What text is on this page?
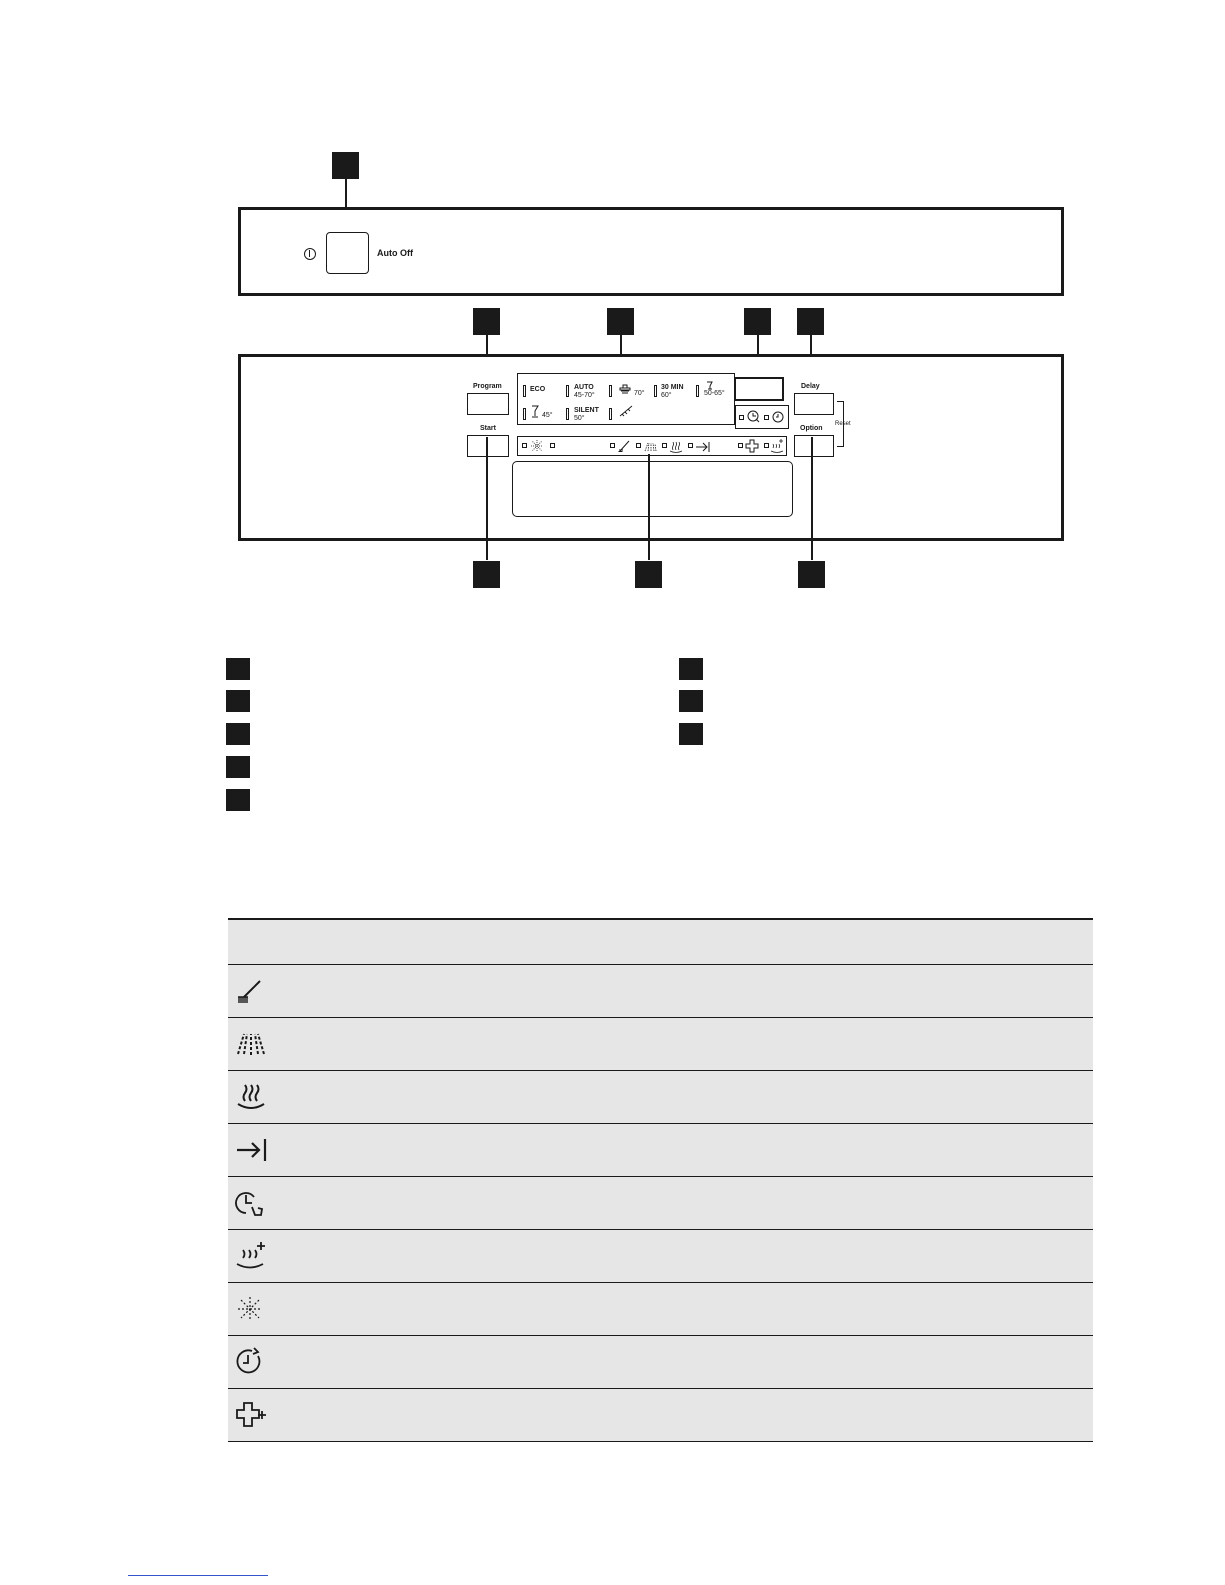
Auto Off
Program
Start
ECO	AUTO
45-70°	70°
30 MIN
60°	50-65°
45°
SILENT
50°
Delay
Option
Reset
